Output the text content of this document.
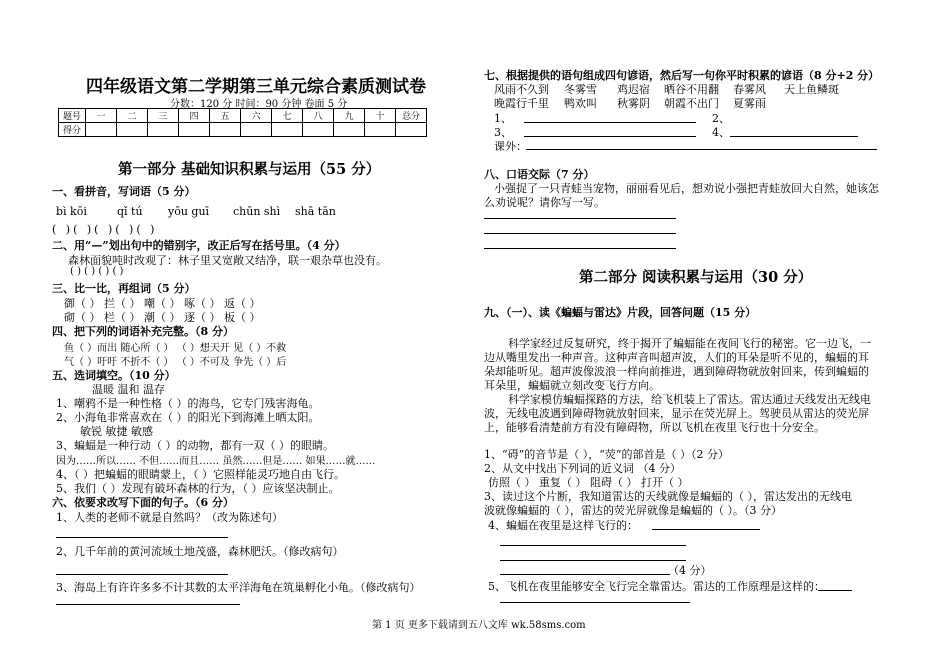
四年级语文第二学期第三单元综合素质测试卷
分数：120 分 时间：90 分钟 卷面 5 分
题号	一	二	三	四	五	六	七	八	九	十	总分
得分											
第一部分 基础知识积累与运用（55 分）
一、看拼音，写词语（5 分）
bì kōi	qǐ tú yōu guī chūn shì shā tān
( )( )( )( )( )
二、用“—”划出句中的错别字，改正后写在括号里。（4 分）
森林面貌吨时改观了：林子里又宽敞又结净，联一艰杂草也没有。
( ) ( ) ( ) ( )
三、比一比，再组词（5 分）
御（ ） 拦（ ） 嘲（ ） 啄（ ） 返（ ）
砌（ ） 栏（ ） 潮（ ） 逐（ ） 板（ ）
四、把下列的词语补充完整。（8 分）
鱼（ ）而出 随心所（ ） （ ）想天开 见（ ）不救
气（ ）吁吁 不折不（ ） （ ）不可及 争先（ ）后
五、选词填空。（10 分）
温暖 温和 温存
1、嘲鸦不是一种性格（ ）的海鸟，它专门残害海龟。
2、小海龟非常喜欢在（ ）的阳光下到海滩上晒太阳。
敏锐 敏捷 敏感
3、蝙蝠是一种行动（ ）的动物，都有一双（ ）的眼睛。
因为……所以…… 不但……而且…… 虽然……但是…… 如果……就……
4、（ ）把蝙蝠的眼睛蒙上，（ ）它照样能灵巧地自由飞行。
5、我们（ ）发现有破坏森林的行为，（ ）应该坚决制止。
六、依要求改写下面的句子。（6 分）
1、人类的老师不就是自然吗？（改为陈述句）
2、几千年前的黄河流域土地茂盛，森林肥沃。（修改病句）
3、海岛上有许许多多不计其数的太平洋海龟在筑巢孵化小龟。（修改病句）
七、根据提供的语句组成四句谚语，然后写一句你平时积累的谚语（8 分+2 分）
风雨不久到 冬雾雪 鸡迟宿 晒谷不用翻 春雾风 天上鱼鳞斑
晚霞行千里 鸭欢叫 秋雾阴 朝霞不出门 夏雾雨
1、	2、
3、	4、
课外：
八、口语交际（7 分）
小强捉了一只青蛙当宠物，丽丽看见后，想劝说小强把青蛙放回大自然，她该怎
么劝说呢？请你写一写。
第二部分 阅读积累与运用（30 分）
九、（一）、读《蝙蝠与雷达》片段，回答问题（15 分）
科学家经过反复研究，终于揭开了蝙蝠能在夜间飞行的秘密。它一边飞，一
边从嘴里发出一种声音。这种声音叫超声波，人们的耳朵是听不见的，蝙蝠的耳
朵却能听见。超声波像波浪一样向前推进，遇到障碍物就放射回来，传到蝙蝠的
耳朵里，蝙蝠就立刻改变飞行方向。
科学家模仿蝙蝠探路的方法，给飞机装上了雷达。雷达通过天线发出无线电
波，无线电波遇到障碍物就放射回来，显示在荧光屏上。驾驶员从雷达的荧光屏
上，能够看清楚前方有没有障碍物，所以飞机在夜里飞行也十分安全。
1、“碍”的音节是（ ），“荧”的部首是（ ）（2 分）
2、从文中找出下列词的近义词 （4 分）
仿照（ ） 重复（ ） 阻碍（ ） 打开（ ）
3、读过这个片断，我知道雷达的天线就像是蝙蝠的（ ），雷达发出的无线电
波就像蝙蝠的（ ），雷达的荧光屏就像是蝙蝠的（ ）。（3 分）
4、蝙蝠在夜里是这样飞行的：
（4 分）
5、飞机在夜里能够安全飞行完全靠雷达。雷达的工作原理是这样的：
第 1 页 更多下载请到五八文库 wk.58sms.com
